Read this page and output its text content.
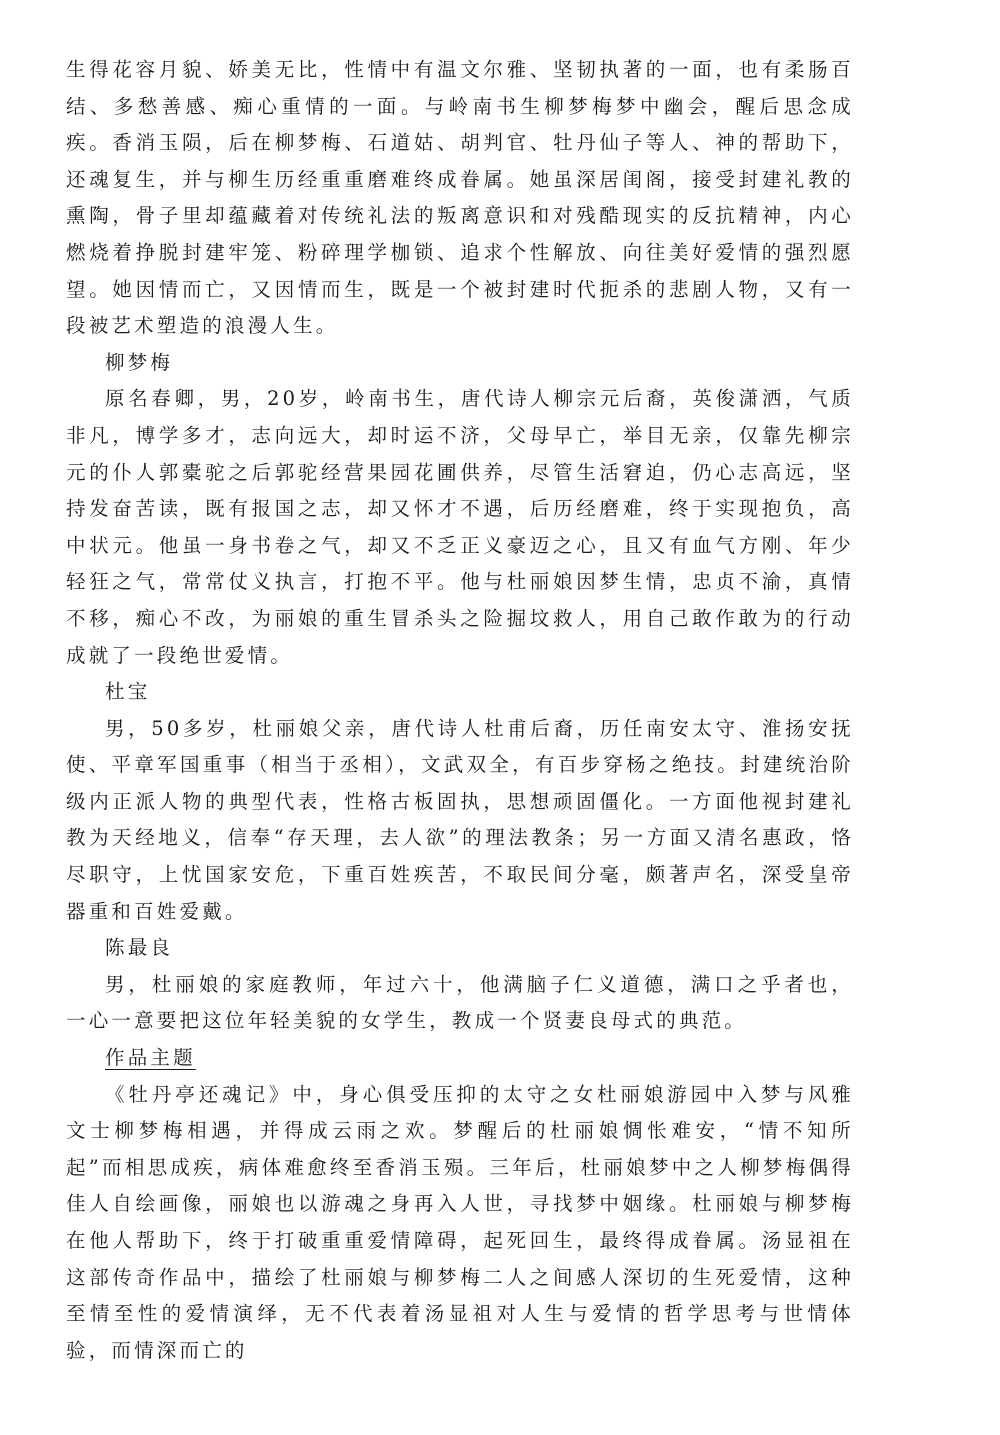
生得花容月貌、娇美无比，性情中有温文尔雅、坚韧执著的一面，也有柔肠百结、多愁善感、痴心重情的一面。与岭南书生柳梦梅梦中幽会，醒后思念成疾。香消玉陨，后在柳梦梅、石道姑、胡判官、牡丹仙子等人、神的帮助下，还魂复生，并与柳生历经重重磨难终成眷属。她虽深居闺阁，接受封建礼教的熏陶，骨子里却蕴藏着对传统礼法的叛离意识和对残酷现实的反抗精神，内心燃烧着挣脱封建牢笼、粉碎理学枷锁、追求个性解放、向往美好爱情的强烈愿望。她因情而亡，又因情而生，既是一个被封建时代扼杀的悲剧人物，又有一段被艺术塑造的浪漫人生。

柳梦梅

原名春卿，男，20岁，岭南书生，唐代诗人柳宗元后裔，英俊潇洒，气质非凡，博学多才，志向远大，却时运不济，父母早亡，举目无亲，仅靠先柳宗元的仆人郭橐驼之后郭驼经营果园花圃供养，尽管生活窘迫，仍心志高远，坚持发奋苦读，既有报国之志，却又怀才不遇，后历经磨难，终于实现抱负，高中状元。他虽一身书卷之气，却又不乏正义豪迈之心，且又有血气方刚、年少轻狂之气，常常仗义执言，打抱不平。他与杜丽娘因梦生情，忠贞不渝，真情不移，痴心不改，为丽娘的重生冒杀头之险掘坟救人，用自己敢作敢为的行动成就了一段绝世爱情。

杜宝

男，50多岁，杜丽娘父亲，唐代诗人杜甫后裔，历任南安太守、淮扬安抚使、平章军国重事（相当于丞相），文武双全，有百步穿杨之绝技。封建统治阶级内正派人物的典型代表，性格古板固执，思想顽固僵化。一方面他视封建礼教为天经地义，信奉“存天理，去人欲”的理法教条；另一方面又清名惠政，恪尽职守，上忧国家安危，下重百姓疾苦，不取民间分毫，颇著声名，深受皇帝器重和百姓爱戴。

陈最良

男，杜丽娘的家庭教师，年过六十，他满脑子仁义道德，满口之乎者也，一心一意要把这位年轻美貌的女学生，教成一个贤妻良母式的典范。

作品主题

《牡丹亭还魂记》中，身心俱受压抑的太守之女杜丽娘游园中入梦与风雅文士柳梦梅相遇，并得成云雨之欢。梦醒后的杜丽娘惆怅难安，“情不知所起”而相思成疾，病体难愈终至香消玉殒。三年后，杜丽娘梦中之人柳梦梅偶得佳人自绘画像，丽娘也以游魂之身再入人世，寻找梦中姻缘。杜丽娘与柳梦梅在他人帮助下，终于打破重重爱情障碍，起死回生，最终得成眷属。汤显祖在这部传奇作品中，描绘了杜丽娘与柳梦梅二人之间感人深切的生死爱情，这种至情至性的爱情演绎，无不代表着汤显祖对人生与爱情的哲学思考与世情体验，而情深而亡的
